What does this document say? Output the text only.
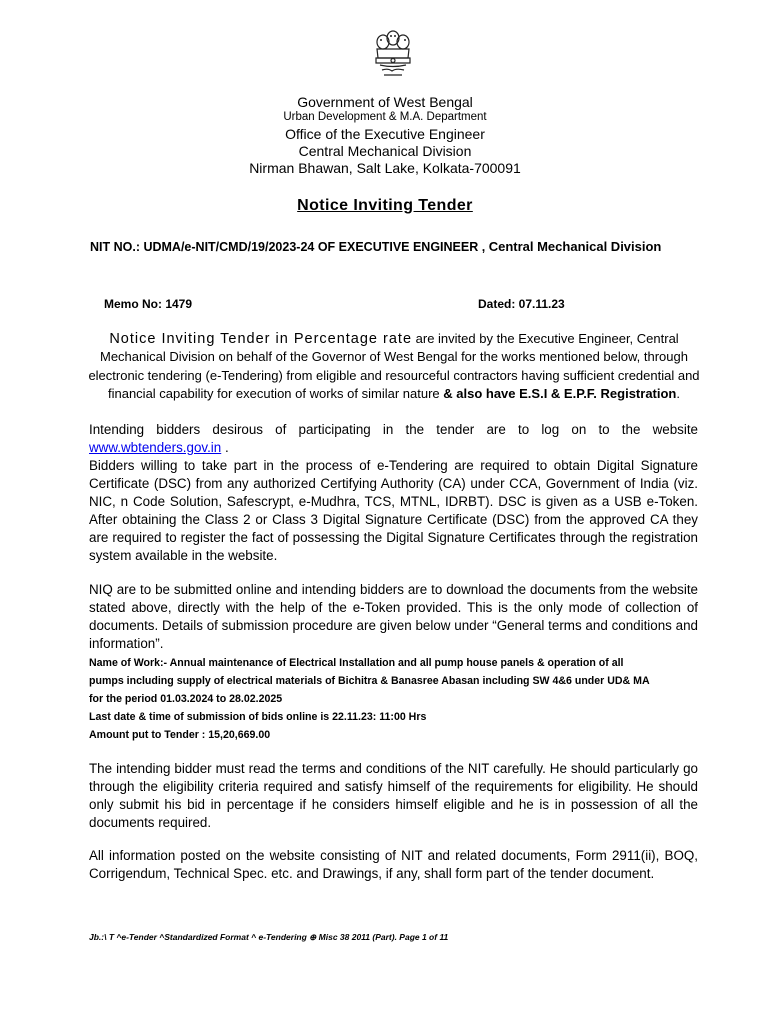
Government of West Bengal
Urban Development & M.A. Department
Office of the Executive Engineer
Central Mechanical Division
Nirman Bhawan, Salt Lake, Kolkata-700091
Notice Inviting Tender
NIT NO.: UDMA/e-NIT/CMD/19/2023-24 OF EXECUTIVE ENGINEER , Central Mechanical Division
Memo No: 1479	Dated: 07.11.23
Notice Inviting Tender in Percentage rate are invited by the Executive Engineer, Central Mechanical Division on behalf of the Governor of West Bengal for the works mentioned below, through electronic tendering (e-Tendering) from eligible and resourceful contractors having sufficient credential and financial capability for execution of works of similar nature & also have E.S.I & E.P.F. Registration.
Intending bidders desirous of participating in the tender are to log on to the website www.wbtenders.gov.in .
Bidders willing to take part in the process of e-Tendering are required to obtain Digital Signature Certificate (DSC) from any authorized Certifying Authority (CA) under CCA, Government of India (viz. NIC, n Code Solution, Safescrypt, e-Mudhra, TCS, MTNL, IDRBT). DSC is given as a USB e-Token. After obtaining the Class 2 or Class 3 Digital Signature Certificate (DSC) from the approved CA they are required to register the fact of possessing the Digital Signature Certificates through the registration system available in the website.
NIQ are to be submitted online and intending bidders are to download the documents from the website stated above, directly with the help of the e-Token provided. This is the only mode of collection of documents. Details of submission procedure are given below under “General terms and conditions and information”.
Name of Work:- Annual maintenance of Electrical Installation and all pump house panels & operation of all
pumps including supply of electrical materials of Bichitra & Banasree Abasan including SW 4&6 under UD& MA
for the period 01.03.2024 to 28.02.2025
Last date & time of submission of bids online is 22.11.23: 11:00 Hrs
Amount put to Tender : 15,20,669.00
The intending bidder must read the terms and conditions of the NIT carefully. He should particularly go through the eligibility criteria required and satisfy himself of the requirements for eligibility. He should only submit his bid in percentage if he considers himself eligible and he is in possession of all the documents required.
All information posted on the website consisting of NIT and related documents, Form 2911(ii), BOQ, Corrigendum, Technical Spec. etc. and Drawings, if any, shall form part of the tender document.
Jb.:\ T ^e-Tender ^Standardized Format ^ e-Tendering ⊕ Misc 38 2011 (Part). Page 1 of 11
